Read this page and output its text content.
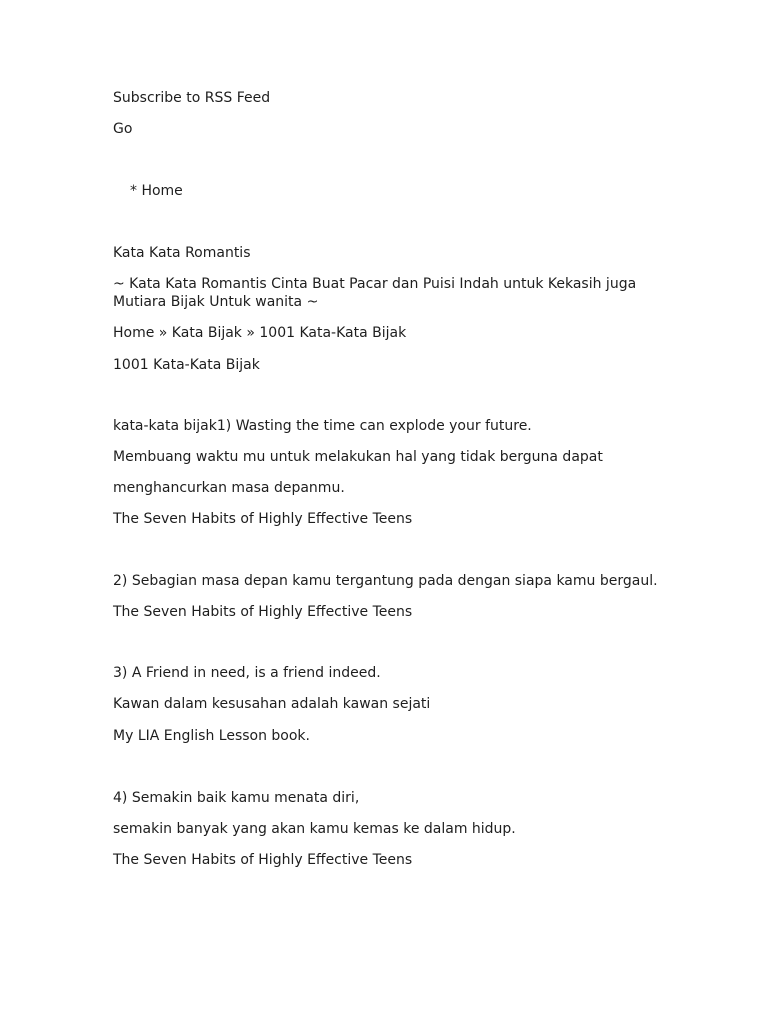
Subscribe to RSS Feed
Go
* Home
Kata Kata Romantis
~ Kata Kata Romantis Cinta Buat Pacar dan Puisi Indah untuk Kekasih juga Mutiara Bijak Untuk wanita ~
Home » Kata Bijak » 1001 Kata-Kata Bijak
1001 Kata-Kata Bijak
kata-kata bijak1) Wasting the time can explode your future.
Membuang waktu mu untuk melakukan hal yang tidak berguna dapat
menghancurkan masa depanmu.
The Seven Habits of Highly Effective Teens
2) Sebagian masa depan kamu tergantung pada dengan siapa kamu bergaul.
The Seven Habits of Highly Effective Teens
3) A Friend in need, is a friend indeed.
Kawan dalam kesusahan adalah kawan sejati
My LIA English Lesson book.
4) Semakin baik kamu menata diri,
semakin banyak yang akan kamu kemas ke dalam hidup.
The Seven Habits of Highly Effective Teens
